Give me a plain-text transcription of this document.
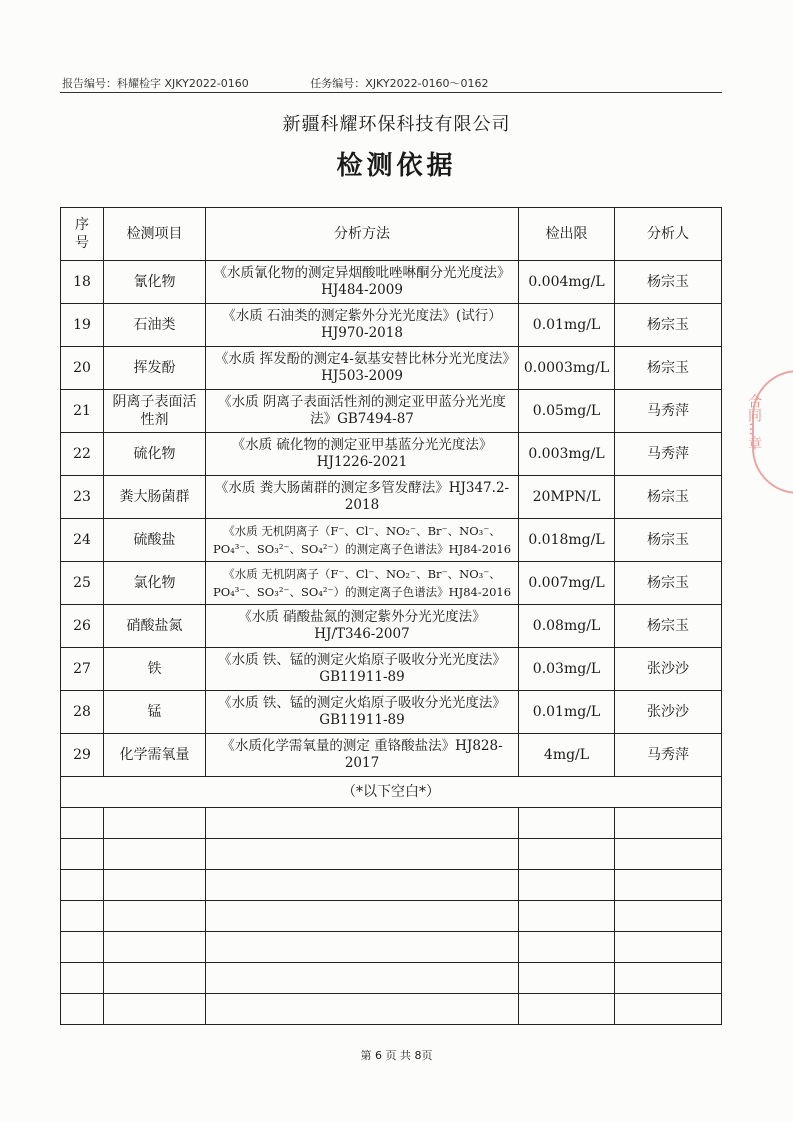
报告编号：科耀检字 XJKY2022-0160	任务编号：XJKY2022-0160～0162
新疆科耀环保科技有限公司
检测依据
序号	检测项目	分析方法	检出限	分析人
18	氰化物	《水质氰化物的测定异烟酸吡唑啉酮分光光度法》HJ484-2009	0.004mg/L	杨宗玉
19	石油类	《水质 石油类的测定紫外分光光度法》(试行）HJ970-2018	0.01mg/L	杨宗玉
20	挥发酚	《水质 挥发酚的测定4-氨基安替比林分光光度法》HJ503-2009	0.0003mg/L	杨宗玉
21	阴离子表面活性剂	《水质 阴离子表面活性剂的测定亚甲蓝分光光度法》GB7494-87	0.05mg/L	马秀萍
22	硫化物	《水质 硫化物的测定亚甲基蓝分光光度法》HJ1226-2021	0.003mg/L	马秀萍
23	粪大肠菌群	《水质 粪大肠菌群的测定多管发酵法》HJ347.2-2018	20MPN/L	杨宗玉
24	硫酸盐	《水质 无机阴离子（F⁻、Cl⁻、NO₂⁻、Br⁻、NO₃⁻、PO₄³⁻、SO₃²⁻、SO₄²⁻）的测定离子色谱法》HJ84-2016	0.018mg/L	杨宗玉
25	氯化物	《水质 无机阴离子（F⁻、Cl⁻、NO₂⁻、Br⁻、NO₃⁻、PO₄³⁻、SO₃²⁻、SO₄²⁻）的测定离子色谱法》HJ84-2016	0.007mg/L	杨宗玉
26	硝酸盐氮	《水质 硝酸盐氮的测定紫外分光光度法》HJ/T346-2007	0.08mg/L	杨宗玉
27	铁	《水质 铁、锰的测定火焰原子吸收分光光度法》GB11911-89	0.03mg/L	张沙沙
28	锰	《水质 铁、锰的测定火焰原子吸收分光光度法》GB11911-89	0.01mg/L	张沙沙
29	化学需氧量	《水质化学需氧量的测定 重铬酸盐法》HJ828-2017	4mg/L	马秀萍
（*以下空白*）				

第 6 页 共 8页
合同…章
